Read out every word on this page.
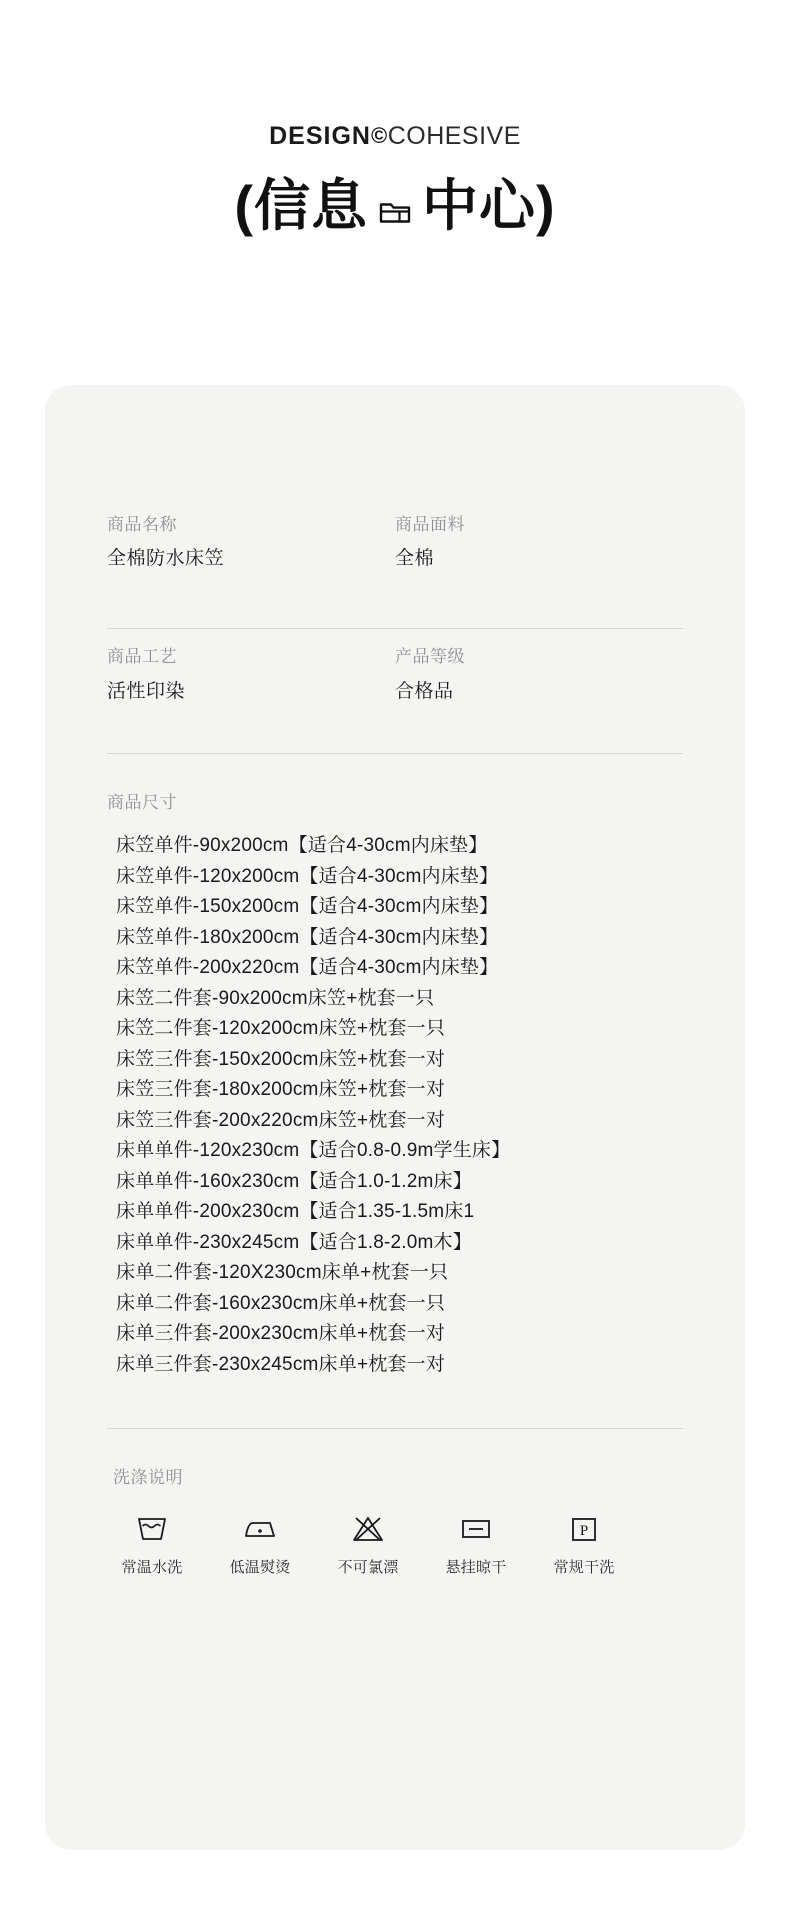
DESIGN©COHESIVE
(信息 中心)
商品名称
全棉防水床笠
商品面料
全棉
商品工艺
活性印染
产品等级
合格品
商品尺寸
床笠单件-90x200cm【适合4-30cm内床垫】
床笠单件-120x200cm【适合4-30cm内床垫】
床笠单件-150x200cm【适合4-30cm内床垫】
床笠单件-180x200cm【适合4-30cm内床垫】
床笠单件-200x220cm【适合4-30cm内床垫】
床笠二件套-90x200cm床笠+枕套一只
床笠二件套-120x200cm床笠+枕套一只
床笠三件套-150x200cm床笠+枕套一对
床笠三件套-180x200cm床笠+枕套一对
床笠三件套-200x220cm床笠+枕套一对
床单单件-120x230cm【适合0.8-0.9m学生床】
床单单件-160x230cm【适合1.0-1.2m床】
床单单件-200x230cm【适合1.35-1.5m床1
床单单件-230x245cm【适合1.8-2.0m木】
床单二件套-120X230cm床单+枕套一只
床单二件套-160x230cm床单+枕套一只
床单三件套-200x230cm床单+枕套一对
床单三件套-230x245cm床单+枕套一对
洗涤说明
常温水洗	低温熨烫	不可氯漂	悬挂晾干
P
常规干洗
